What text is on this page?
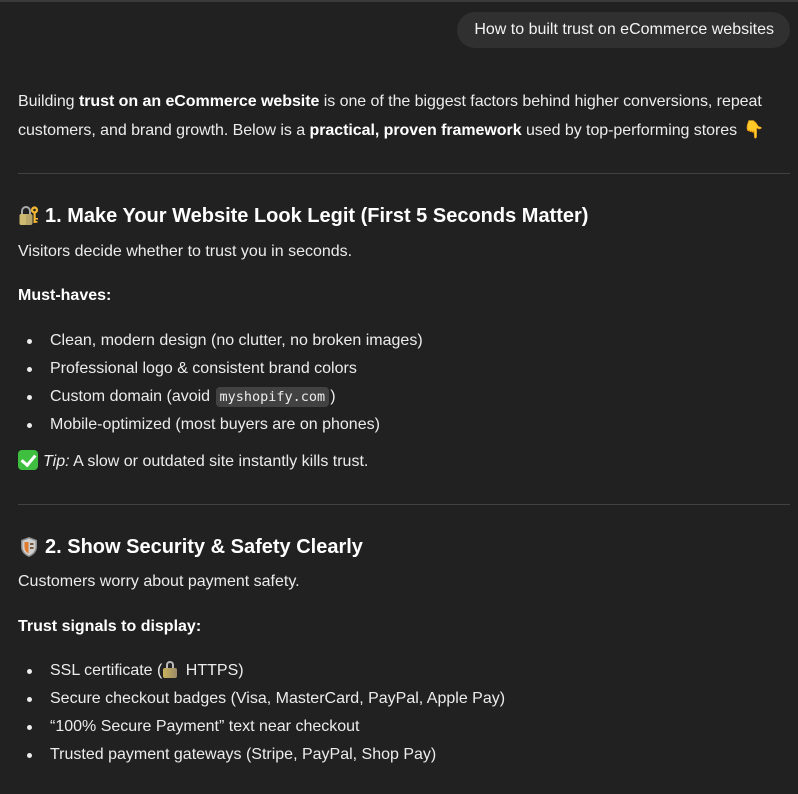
How to built trust on eCommerce websites

Building trust on an eCommerce website is one of the biggest factors behind higher conversions, repeat customers, and brand growth. Below is a practical, proven framework used by top-performing stores 👇

1. Make Your Website Look Legit (First 5 Seconds Matter)

Visitors decide whether to trust you in seconds.

Must-haves:

Clean, modern design (no clutter, no broken images)
Professional logo & consistent brand colors
Custom domain (avoid myshopify.com )
Mobile-optimized (most buyers are on phones)

Tip: A slow or outdated site instantly kills trust.

2. Show Security & Safety Clearly

Customers worry about payment safety.

Trust signals to display:

SSL certificate (
HTTPS)
Secure checkout badges (Visa, MasterCard, PayPal, Apple Pay)
“100% Secure Payment” text near checkout
Trusted payment gateways (Stripe, PayPal, Shop Pay)
